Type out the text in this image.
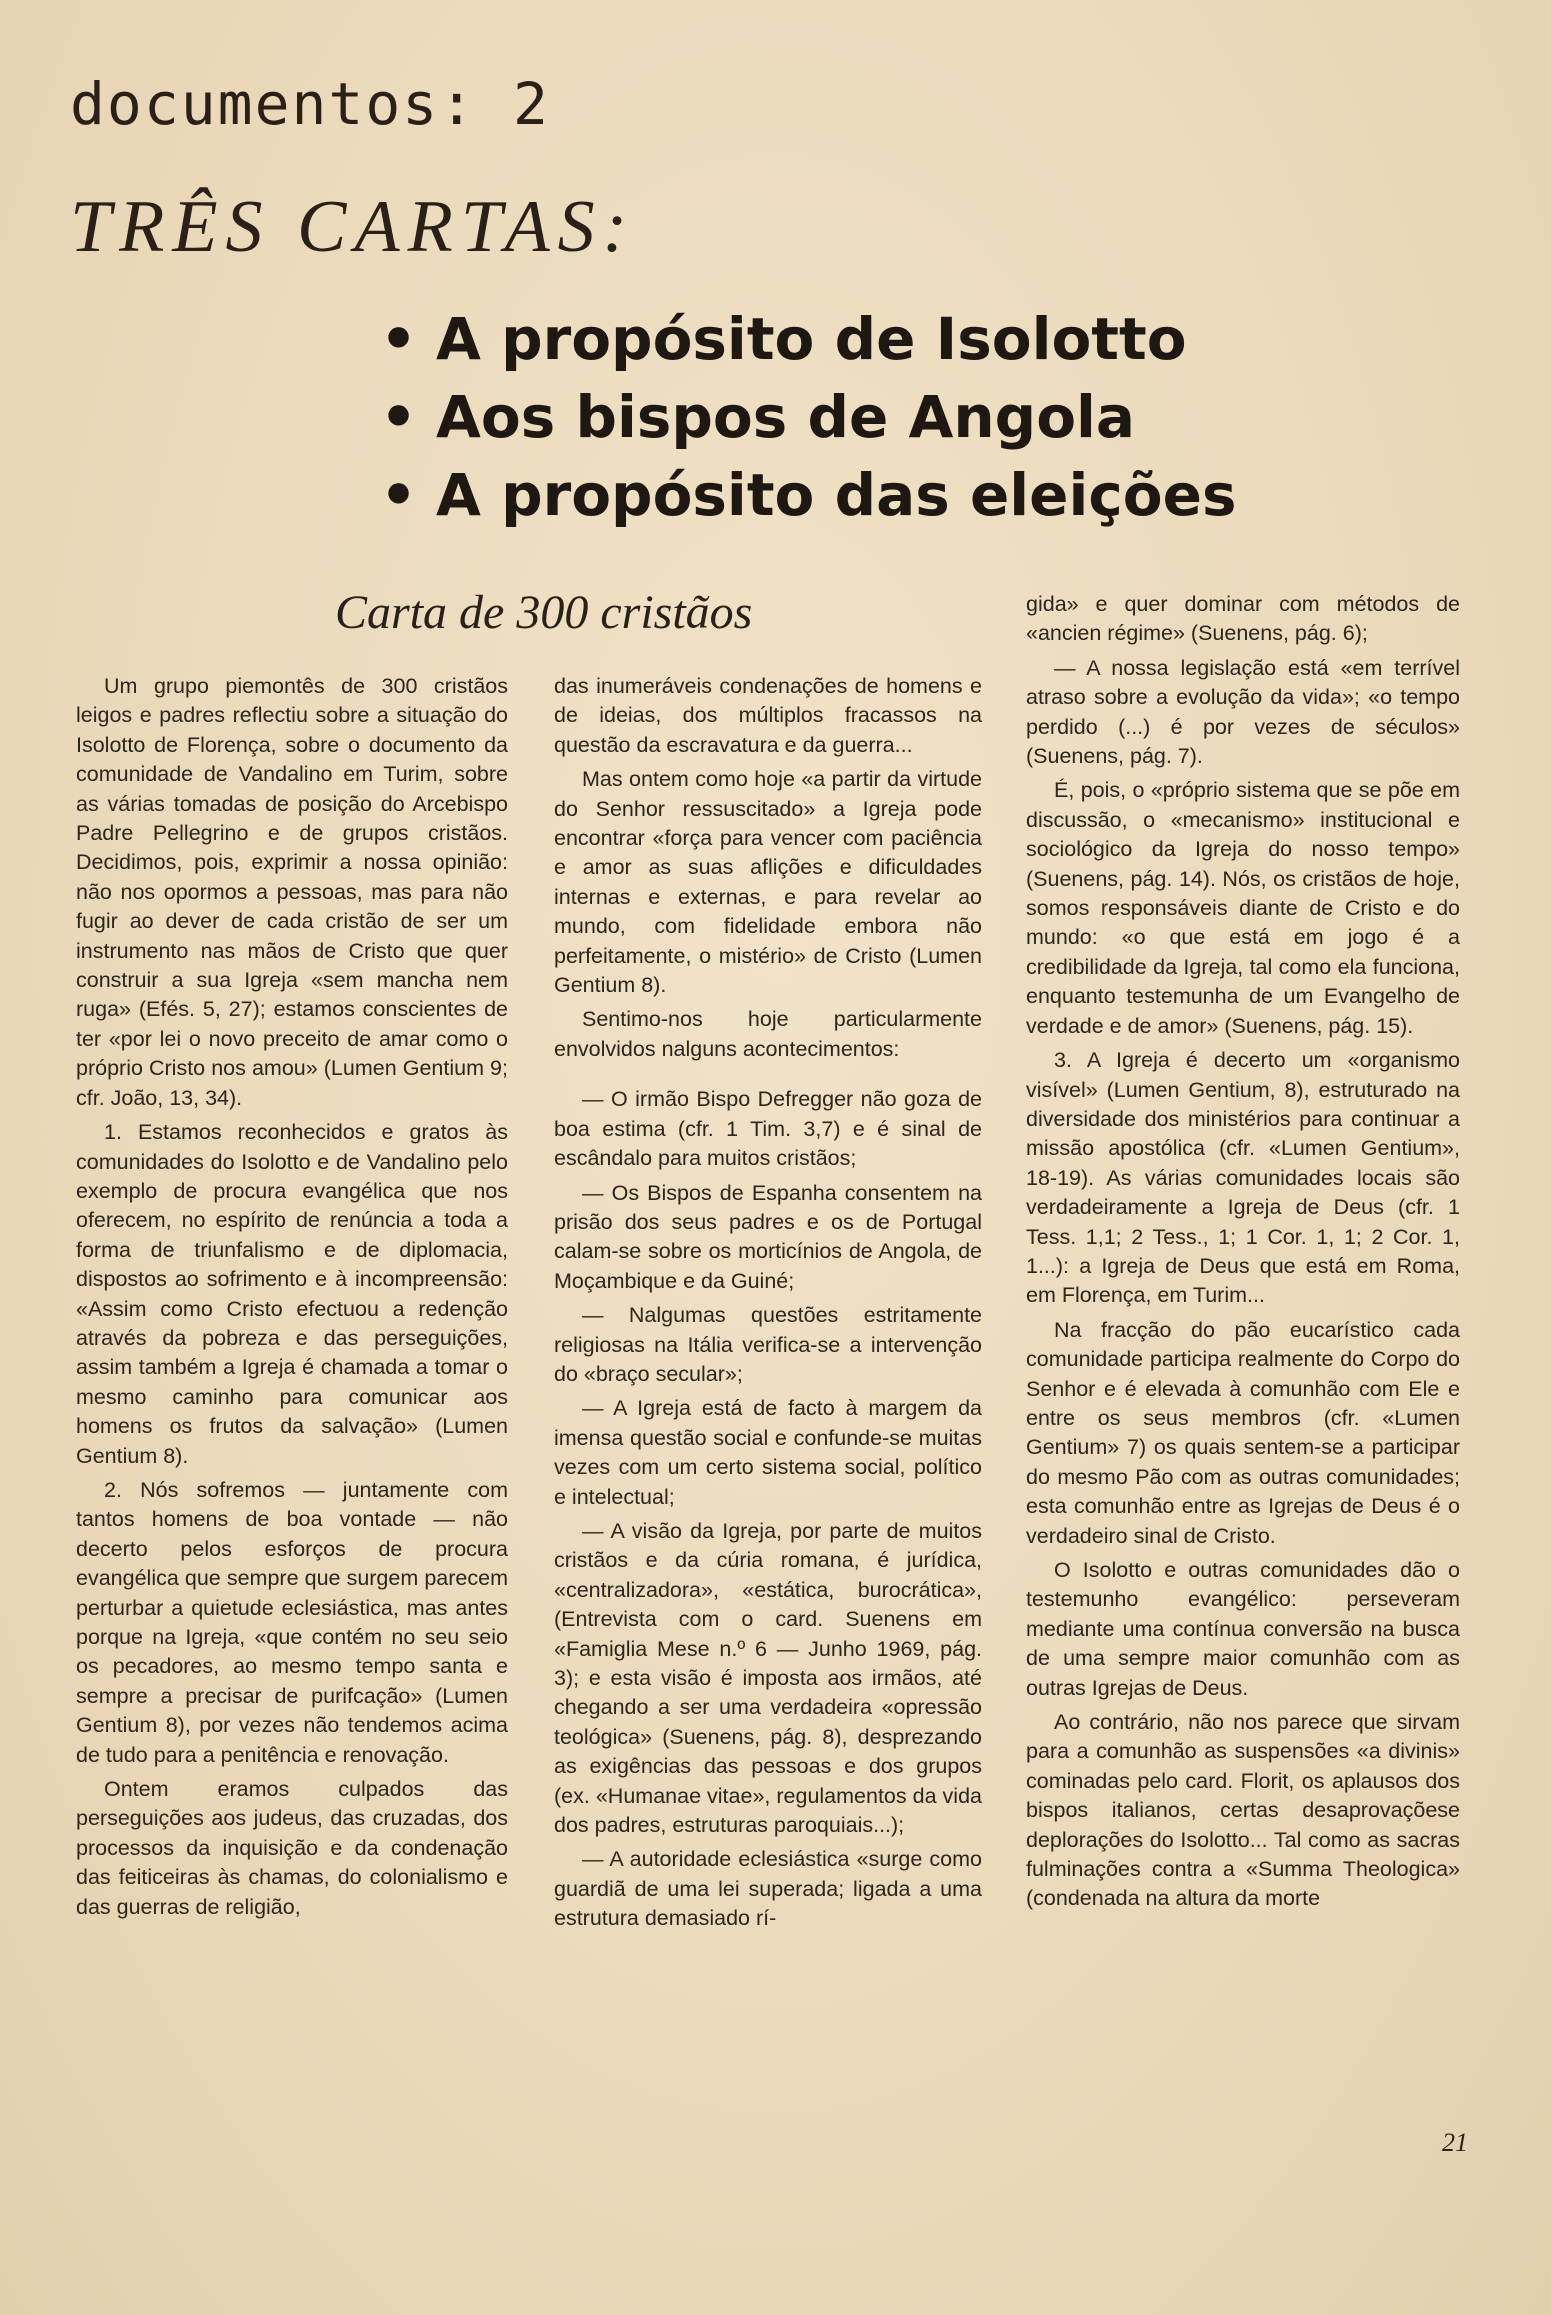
documentos: 2
TRÊS CARTAS:
• A propósito de Isolotto
• Aos bispos de Angola
• A propósito das eleições
Carta de 300 cristãos

Um grupo piemontês de 300 cristãos leigos e padres reflectiu sobre a situação do Isolotto de Florença, sobre o documento da comunidade de Vandalino em Turim, sobre as várias tomadas de posição do Arcebispo Padre Pellegrino e de grupos cristãos. Decidimos, pois, exprimir a nossa opinião: não nos opormos a pessoas, mas para não fugir ao dever de cada cristão de ser um instrumento nas mãos de Cristo que quer construir a sua Igreja «sem mancha nem ruga» (Efés. 5, 27); estamos conscientes de ter «por lei o novo preceito de amar como o próprio Cristo nos amou» (Lumen Gentium 9; cfr. João, 13, 34).

1. Estamos reconhecidos e gratos às comunidades do Isolotto e de Vandalino pelo exemplo de procura evangélica que nos oferecem, no espírito de renúncia a toda a forma de triunfalismo e de diplomacia, dispostos ao sofrimento e à incompreensão: «Assim como Cristo efectuou a redenção através da pobreza e das perseguições, assim também a Igreja é chamada a tomar o mesmo caminho para comunicar aos homens os frutos da salvação» (Lumen Gentium 8).

2. Nós sofremos — juntamente com tantos homens de boa vontade — não decerto pelos esforços de procura evangélica que sempre que surgem parecem perturbar a quietude eclesiástica, mas antes porque na Igreja, «que contém no seu seio os pecadores, ao mesmo tempo santa e sempre a precisar de purifcação» (Lumen Gentium 8), por vezes não tendemos acima de tudo para a penitência e renovação.

Ontem eramos culpados das perseguições aos judeus, das cruzadas, dos processos da inquisição e da condenação das feiticeiras às chamas, do colonialismo e das guerras de religião,

das inumeráveis condenações de homens e de ideias, dos múltiplos fracassos na questão da escravatura e da guerra...

Mas ontem como hoje «a partir da virtude do Senhor ressuscitado» a Igreja pode encontrar «força para vencer com paciência e amor as suas aflições e dificuldades internas e externas, e para revelar ao mundo, com fidelidade embora não perfeitamente, o mistério» de Cristo (Lumen Gentium 8).

Sentimo-nos hoje particularmente envolvidos nalguns acontecimentos:

— O irmão Bispo Defregger não goza de boa estima (cfr. 1 Tim. 3,7) e é sinal de escândalo para muitos cristãos;

— Os Bispos de Espanha consentem na prisão dos seus padres e os de Portugal calam-se sobre os morticínios de Angola, de Moçambique e da Guiné;

— Nalgumas questões estritamente religiosas na Itália verifica-se a intervenção do «braço secular»;

— A Igreja está de facto à margem da imensa questão social e confunde-se muitas vezes com um certo sistema social, político e intelectual;

— A visão da Igreja, por parte de muitos cristãos e da cúria romana, é jurídica, «centralizadora», «estática, burocrática», (Entrevista com o card. Suenens em «Famiglia Mese n.º 6 — Junho 1969, pág. 3); e esta visão é imposta aos irmãos, até chegando a ser uma verdadeira «opressão teológica» (Suenens, pág. 8), desprezando as exigências das pessoas e dos grupos (ex. «Humanae vitae», regulamentos da vida dos padres, estruturas paroquiais...);

— A autoridade eclesiástica «surge como guardiã de uma lei superada; ligada a uma estrutura demasiado rí-

gida» e quer dominar com métodos de «ancien régime» (Suenens, pág. 6);

— A nossa legislação está «em terrível atraso sobre a evolução da vida»; «o tempo perdido (...) é por vezes de séculos» (Suenens, pág. 7).

É, pois, o «próprio sistema que se põe em discussão, o «mecanismo» institucional e sociológico da Igreja do nosso tempo» (Suenens, pág. 14). Nós, os cristãos de hoje, somos responsáveis diante de Cristo e do mundo: «o que está em jogo é a credibilidade da Igreja, tal como ela funciona, enquanto testemunha de um Evangelho de verdade e de amor» (Suenens, pág. 15).

3. A Igreja é decerto um «organismo visível» (Lumen Gentium, 8), estruturado na diversidade dos ministérios para continuar a missão apostólica (cfr. «Lumen Gentium», 18-19). As várias comunidades locais são verdadeiramente a Igreja de Deus (cfr. 1 Tess. 1,1; 2 Tess., 1; 1 Cor. 1, 1; 2 Cor. 1, 1...): a Igreja de Deus que está em Roma, em Florença, em Turim...

Na fracção do pão eucarístico cada comunidade participa realmente do Corpo do Senhor e é elevada à comunhão com Ele e entre os seus membros (cfr. «Lumen Gentium» 7) os quais sentem-se a participar do mesmo Pão com as outras comunidades; esta comunhão entre as Igrejas de Deus é o verdadeiro sinal de Cristo.

O Isolotto e outras comunidades dão o testemunho evangélico: perseveram mediante uma contínua conversão na busca de uma sempre maior comunhão com as outras Igrejas de Deus.

Ao contrário, não nos parece que sirvam para a comunhão as suspensões «a divinis» cominadas pelo card. Florit, os aplausos dos bispos italianos, certas desaprovaçõese deplorações do Isolotto... Tal como as sacras fulminações contra a «Summa Theologica» (condenada na altura da morte

21
